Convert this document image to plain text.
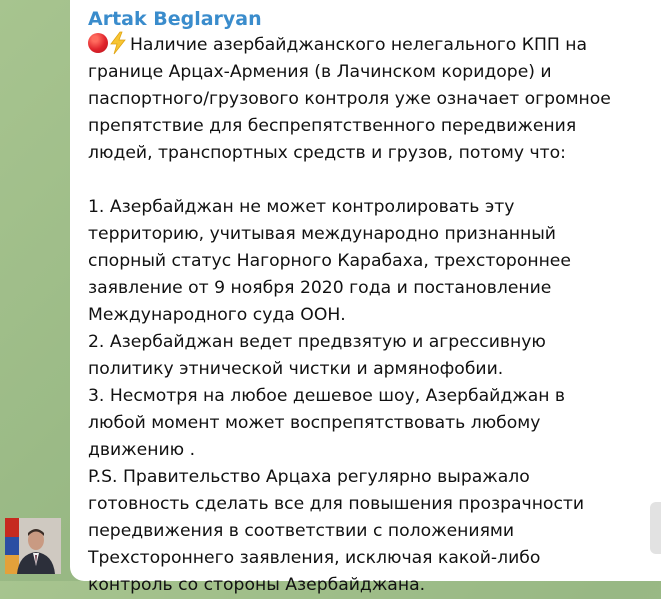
Artak Beglaryan
Наличие азербайджанского нелегального КПП на
границе Арцах-Армения (в Лачинском коридоре) и
паспортного/грузового контроля уже означает огромное
препятствие для беспрепятственного передвижения
людей, транспортных средств и грузов, потому что:
1. Азербайджан не может контролировать эту
территорию, учитывая международно признанный
спорный статус Нагорного Карабаха, трехстороннее
заявление от 9 ноября 2020 года и постановление
Международного суда ООН.
2. Азербайджан ведет предвзятую и агрессивную
политику этнической чистки и армянофобии.
3. Несмотря на любое дешевое шоу, Азербайджан в
любой момент может воспрепятствовать любому
движению .
P.S. Правительство Арцаха регулярно выражало
готовность сделать все для повышения прозрачности
передвижения в соответствии с положениями
Трехстороннего заявления, исключая какой-либо
контроль со стороны Азербайджана.
